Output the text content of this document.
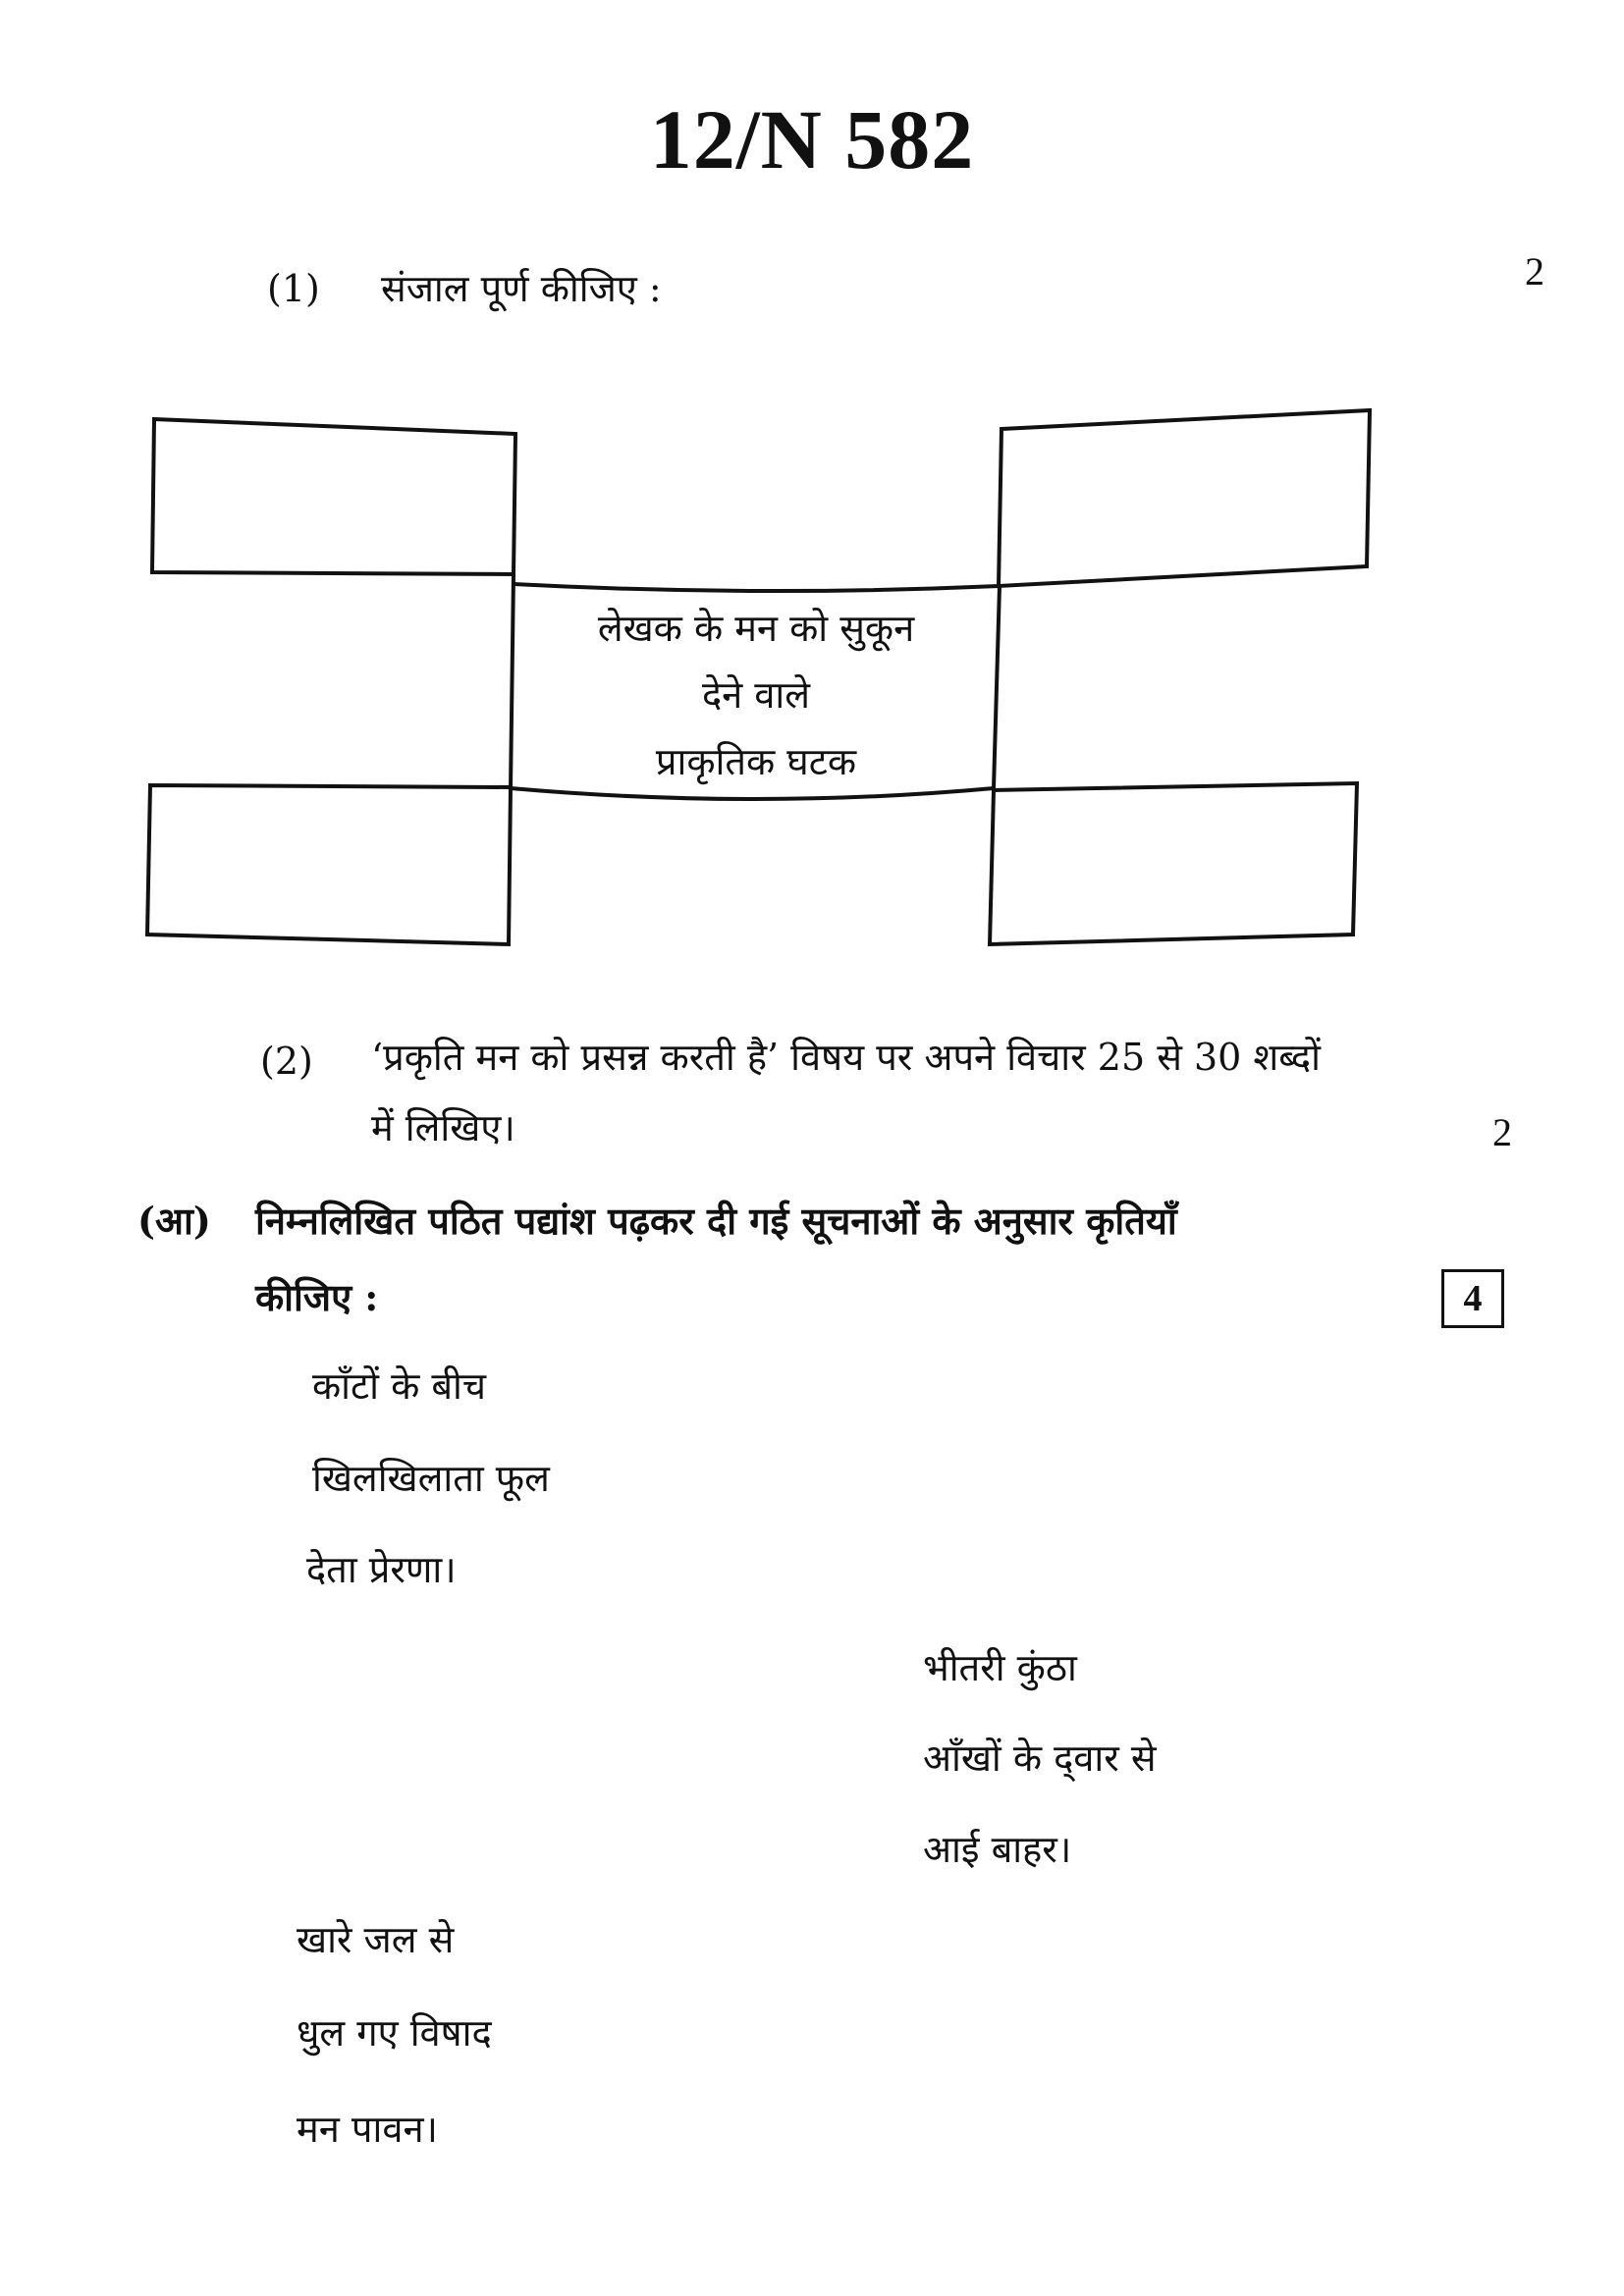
12/N 582
(1) संजाल पूर्ण कीजिए :	2
लेखक के मन को सुकून
देने वाले
प्राकृतिक घटक
(2) ‘प्रकृति मन को प्रसन्न करती है’ विषय पर अपने विचार 25 से 30 शब्दों
में लिखिए।	2
(आ) निम्नलिखित पठित पद्यांश पढ़कर दी गई सूचनाओं के अनुसार कृतियाँ
कीजिए :	4
काँटों के बीच
खिलखिलाता फूल
देता प्रेरणा।
भीतरी कुंठा
आँखों के द्‌वार से
आई बाहर।
खारे जल से
धुल गए विषाद
मन पावन।
